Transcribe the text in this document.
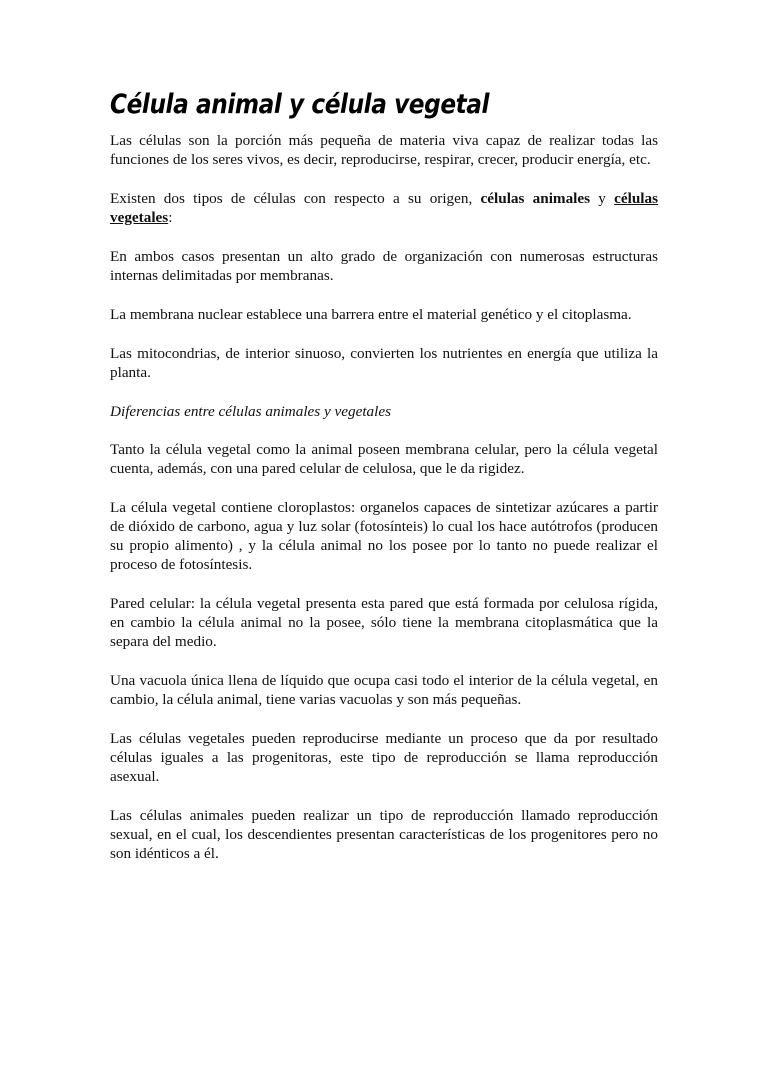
Célula animal y célula vegetal

Las células son la porción más pequeña de materia viva capaz de realizar todas las funciones de los seres vivos, es decir, reproducirse, respirar, crecer, producir energía, etc.

Existen dos tipos de células con respecto a su origen, células animales y células vegetales:

En ambos casos presentan un alto grado de organización con numerosas estructuras internas delimitadas por membranas.

La membrana nuclear establece una barrera entre el material genético y el citoplasma.

Las mitocondrias, de interior sinuoso, convierten los nutrientes en energía que utiliza la planta.

Diferencias entre células animales y vegetales

Tanto la célula vegetal como la animal poseen membrana celular, pero la célula vegetal cuenta, además, con una pared celular de celulosa, que le da rigidez.

La célula vegetal contiene cloroplastos: organelos capaces de sintetizar azúcares a partir de dióxido de carbono, agua y luz solar (fotosínteis) lo cual los hace autótrofos (producen su propio alimento) , y la célula animal no los posee por lo tanto no puede realizar el proceso de fotosíntesis.

Pared celular: la célula vegetal presenta esta pared que está formada por celulosa rígida, en cambio la célula animal no la posee, sólo tiene la membrana citoplasmática que la separa del medio.

Una vacuola única llena de líquido que ocupa casi todo el interior de la célula vegetal, en cambio, la célula animal, tiene varias vacuolas y son más pequeñas.

Las células vegetales pueden reproducirse mediante un proceso que da por resultado células iguales a las progenitoras, este tipo de reproducción se llama reproducción asexual.

Las células animales pueden realizar un tipo de reproducción llamado reproducción sexual, en el cual, los descendientes presentan características de los progenitores pero no son idénticos a él.
